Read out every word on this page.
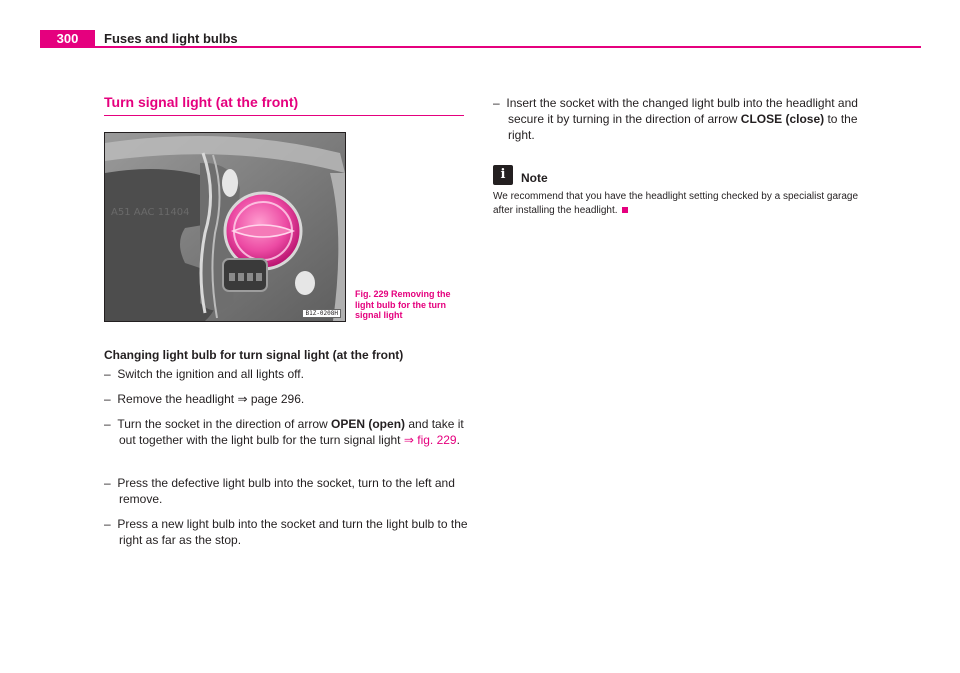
300	Fuses and light bulbs
Turn signal light (at the front)
A51 AAC 11404
B1Z-0208H
Fig. 229 Removing the light bulb for the turn signal light
Changing light bulb for turn signal light (at the front)
– Switch the ignition and all lights off.
– Remove the headlight ⇒ page 296.
– Turn the socket in the direction of arrow OPEN (open) and take it out together with the light bulb for the turn signal light ⇒ fig. 229.
– Press the defective light bulb into the socket, turn to the left and remove.
– Press a new light bulb into the socket and turn the light bulb to the right as far as the stop.
– Insert the socket with the changed light bulb into the headlight and secure it by turning in the direction of arrow CLOSE (close) to the right.
i	Note
We recommend that you have the headlight setting checked by a specialist garage after installing the headlight.
